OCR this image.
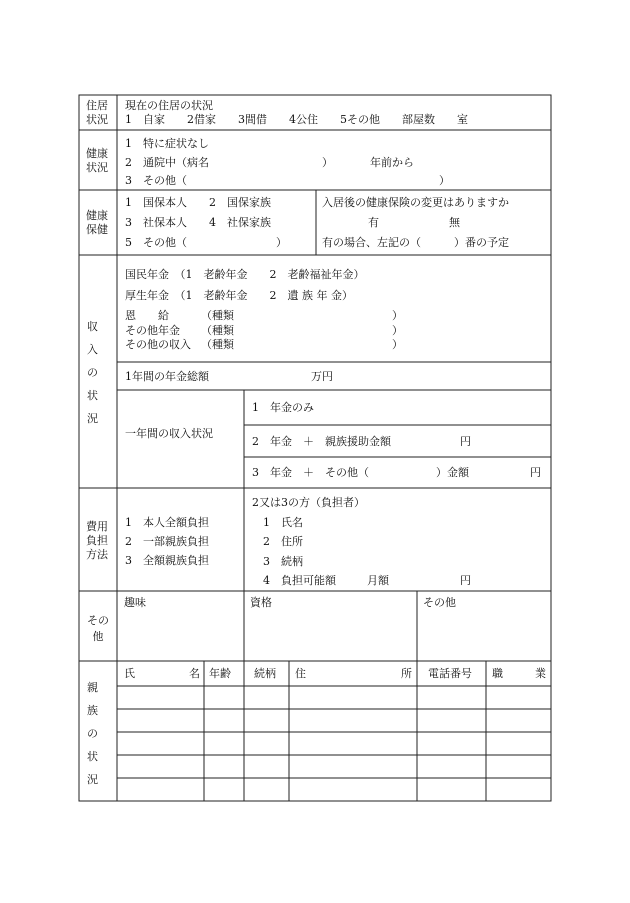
住居
状況
現在の住居の状況
1　自家　　2借家　　3間借　　4公住　　5その他　　部屋数　　室
健康
状況
1　特に症状なし
2　通院中（病名	）	年前から
3　その他（	）
健康
保健
1　国保本人　　2　国保家族
3　社保本人　　4　社保家族
5　その他（	）
入居後の健康保険の変更はありますか
有	無
有の場合、左記の（　　　）番の予定
収
入
の
状
況
国民年金　（1　老齢年金　　2　老齢福祉年金）
厚生年金　（1　老齢年金　　2　遺 族 年 金）
恩　　給	（種類	）
その他年金 （種類	）
その他の収入 （種類	）
1年間の年金総額	万円
一年間の収入状況
1　年金のみ
2　年金　＋　親族援助金額	円
3　年金　＋　その他（	）金額	円
費用
負担
方法
1　本人全額負担
2　一部親族負担
3　全額親族負担
2又は3の方（負担者）
1　氏名
2　住所
3　続柄
4　負担可能額	月額	円
その
他
趣味	資格	その他
親
族
の
状
況
氏	名 年齢 続柄 住	所 電話番号 職	業
